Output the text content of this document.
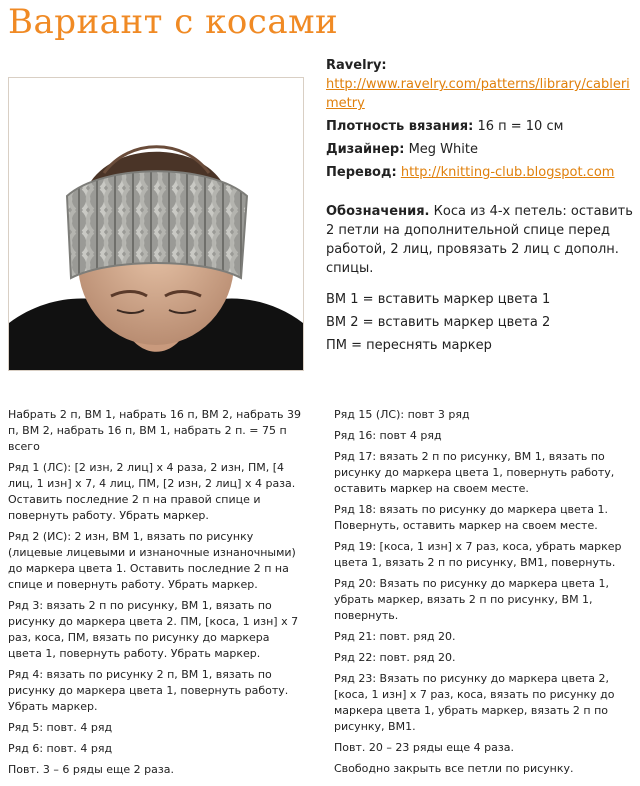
Вариант с косами
Ravelry:
http://www.ravelry.com/patterns/library/cablerimetry
Плотность вязания: 16 п = 10 см
Дизайнер: Meg White
Перевод: http://knitting-club.blogspot.com

Обозначения. Коса из 4-х петель: оставить 2 петли на дополнительной спице перед работой, 2 лиц, провязать 2 лиц с дополн. спицы.

ВМ 1 = вставить маркер цвета 1

ВМ 2 = вставить маркер цвета 2

ПМ = переснять маркер

Набрать 2 п, ВМ 1, набрать 16 п, ВМ 2, набрать 39 п, ВМ 2, набрать 16 п, ВМ 1, набрать 2 п. = 75 п всего

Ряд 1 (ЛС): [2 изн, 2 лиц] х 4 раза, 2 изн, ПМ, [4 лиц, 1 изн] х 7, 4 лиц, ПМ, [2 изн, 2 лиц] х 4 раза. Оставить последние 2 п на правой спице и повернуть работу. Убрать маркер.

Ряд 2 (ИС): 2 изн, ВМ 1, вязать по рисунку (лицевые лицевыми и изнаночные изнаночными) до маркера цвета 1. Оставить последние 2 п на спице и повернуть работу. Убрать маркер.

Ряд 3: вязать 2 п по рисунку, ВМ 1, вязать по рисунку до маркера цвета 2. ПМ, [коса, 1 изн] х 7 раз, коса, ПМ, вязать по рисунку до маркера цвета 1, повернуть работу. Убрать маркер.

Ряд 4: вязать по рисунку 2 п, ВМ 1, вязать по рисунку до маркера цвета 1, повернуть работу. Убрать маркер.

Ряд 5: повт. 4 ряд

Ряд 6: повт. 4 ряд

Повт. 3 – 6 ряды еще 2 раза.

Ряд 15 (ЛС): повт 3 ряд

Ряд 16: повт 4 ряд

Ряд 17: вязать 2 п по рисунку, ВМ 1, вязать по рисунку до маркера цвета 1, повернуть работу, оставить маркер на своем месте.

Ряд 18: вязать по рисунку до маркера цвета 1. Повернуть, оставить маркер на своем месте.

Ряд 19: [коса, 1 изн] х 7 раз, коса, убрать маркер цвета 1, вязать 2 п по рисунку, ВМ1, повернуть.

Ряд 20: Вязать по рисунку до маркера цвета 1, убрать маркер, вязать 2 п по рисунку, ВМ 1, повернуть.

Ряд 21: повт. ряд 20.

Ряд 22: повт. ряд 20.

Ряд 23: Вязать по рисунку до маркера цвета 2, [коса, 1 изн] х 7 раз, коса, вязать по рисунку до маркера цвета 1, убрать маркер, вязать 2 п по рисунку, ВМ1.

Повт. 20 – 23 ряды еще 4 раза.

Свободно закрыть все петли по рисунку.
